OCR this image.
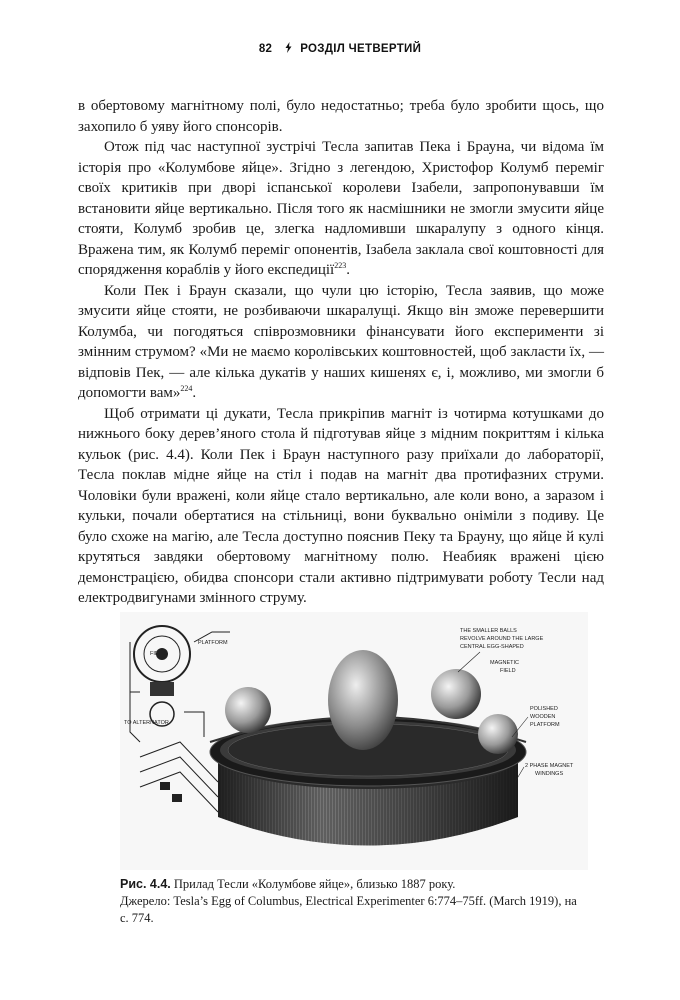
82 РОЗДІЛ ЧЕТВЕРТИЙ

в обертовому магнітному полі, було недостатньо; треба було зробити щось, що захопило б уяву його спонсорів.

Отож під час наступної зустрічі Тесла запитав Пека і Брауна, чи відома їм історія про «Колумбове яйце». Згідно з легендою, Христофор Колумб переміг своїх критиків при дворі іспанської королеви Ізабели, запропонувавши їм встановити яйце вертикально. Після того як насмішники не змогли змусити яйце стояти, Колумб зробив це, злегка надломивши шкаралупу з одного кінця. Вражена тим, як Колумб переміг опонентів, Ізабела заклала свої коштовності для спорядження кораблів у його експедиції$^{223}$.

Коли Пек і Браун сказали, що чули цю історію, Тесла заявив, що може змусити яйце стояти, не розбиваючи шкаралущі. Якщо він зможе перевершити Колумба, чи погодяться співрозмовники фінансувати його експерименти зі змінним струмом? «Ми не маємо королівських коштовностей, щоб закласти їх, — відповів Пек, — але кілька дукатів у наших кишенях є, і, можливо, ми змогли б допомогти вам»$^{224}$.

Щоб отримати ці дукати, Тесла прикріпив магніт із чотирма котушками до нижнього боку дерев’яного стола й підготував яйце з мідним покриттям і кілька кульок (рис. 4.4). Коли Пек і Браун наступного разу приїхали до лабораторії, Тесла поклав мідне яйце на стіл і подав на магніт два протифазних струми. Чоловіки були вражені, коли яйце стало вертикально, але коли воно, а заразом і кульки, почали обертатися на стільниці, вони буквально оніміли з подиву. Це було схоже на магію, але Тесла доступно пояснив Пеку та Брауну, що яйце й кулі крутяться завдяки обертовому магнітному полю. Неабияк вражені цією демонстрацією, обидва спонсори стали активно підтримувати роботу Тесли над електродвигунами змінного струму.

FIELD
PLATFORM
TO ALTERNATOR
THE SMALLER BALLS
REVOLVE AROUND THE LARGE
CENTRAL EGG-SHAPED
MAGNETIC
FIELD
POLISHED
WOODEN
PLATFORM
2 PHASE MAGNET
WINDINGS
Рис. 4.4. Прилад Тесли «Колумбове яйце», близько 1887 року.
Джерело: Tesla’s Egg of Columbus, Electrical Experimenter 6:774–75ff. (March 1919), на с. 774.
